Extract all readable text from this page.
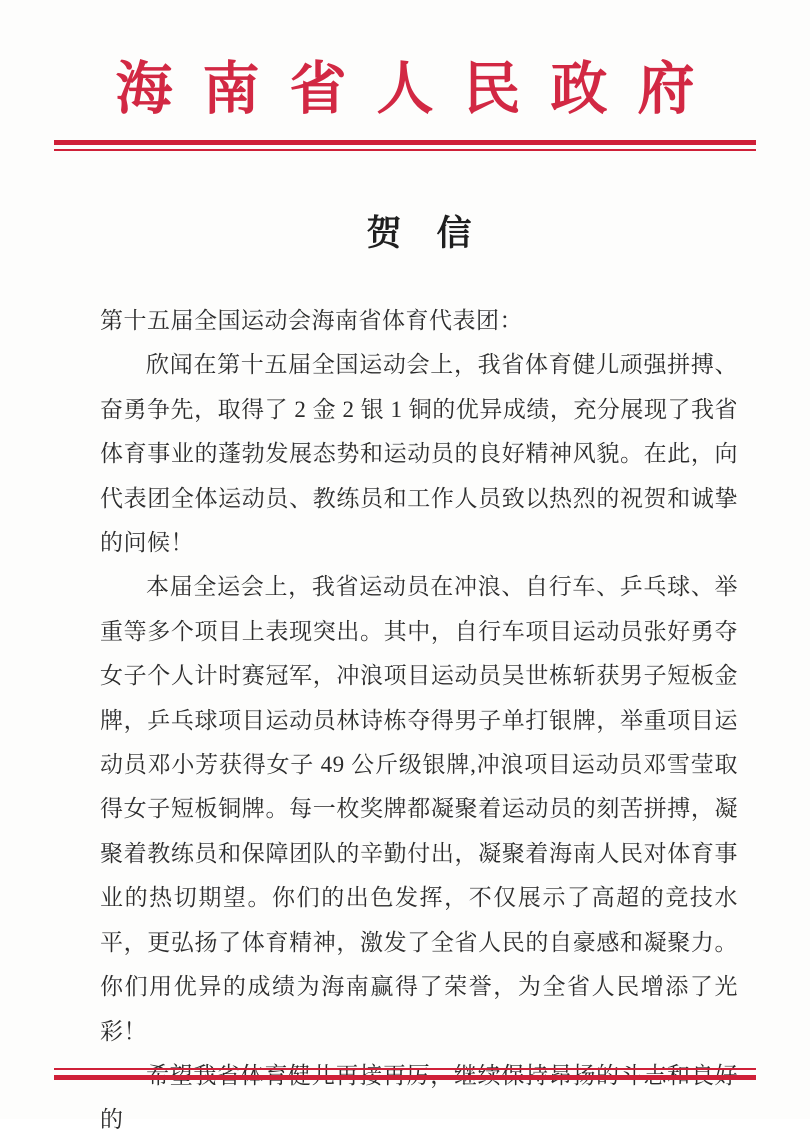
海南省人民政府
贺　信

第十五届全国运动会海南省体育代表团：

欣闻在第十五届全国运动会上，我省体育健儿顽强拼搏、奋勇争先，取得了 2 金 2 银 1 铜的优异成绩，充分展现了我省体育事业的蓬勃发展态势和运动员的良好精神风貌。在此，向代表团全体运动员、教练员和工作人员致以热烈的祝贺和诚挚的问候！

本届全运会上，我省运动员在冲浪、自行车、乒乓球、举重等多个项目上表现突出。其中，自行车项目运动员张好勇夺女子个人计时赛冠军，冲浪项目运动员吴世栋斩获男子短板金牌，乒乓球项目运动员林诗栋夺得男子单打银牌，举重项目运动员邓小芳获得女子 49 公斤级银牌,冲浪项目运动员邓雪莹取得女子短板铜牌。每一枚奖牌都凝聚着运动员的刻苦拼搏，凝聚着教练员和保障团队的辛勤付出，凝聚着海南人民对体育事业的热切期望。你们的出色发挥，不仅展示了高超的竞技水平，更弘扬了体育精神，激发了全省人民的自豪感和凝聚力。你们用优异的成绩为海南赢得了荣誉，为全省人民增添了光彩！

的
